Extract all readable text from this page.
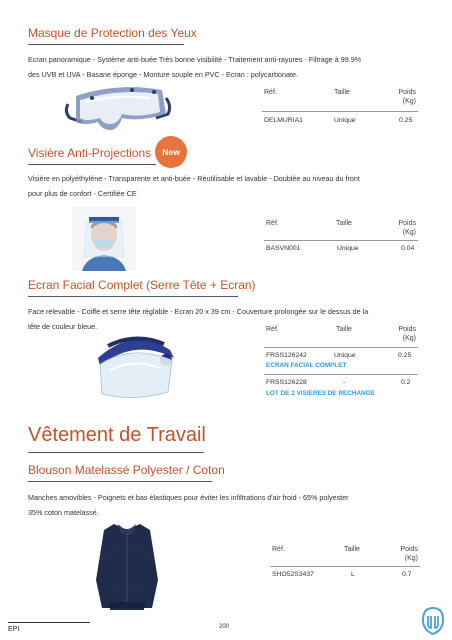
Masque de Protection des Yeux
Ecran panoramique - Système anti-buée Très bonne visibilité - Traitement anti-rayures - Filtrage à 99.9%
des UVB et UVA - Basane éponge - Monture souple en PVC - Ecran : polycarbonate.
Réf.	Taille	Poids
(Kg)
DELMURIA1	Unique	0.25
Visière Anti-Projections	New
Visière en polyéthylène - Transparente et anti-buée - Réutilisable et lavable - Doublée au niveau du front
pour plus de confort - Certifiée CE
Réf.	Taille	Poids
(Kg)
BASVN001	Unique	0.04
Ecran Facial Complet (Serre Tête + Ecran)
Face relevable - Coiffe et serre tête réglable - Ecran 20 x 39 cm - Couverture prolongée sur le dessus de la
tête de couleur bleue.	Réf.	Taille	Poids
(Kg)
FRSS126242	Unique	0.25
ECRAN FACIAL COMPLET
FRSS126228	-	0.2
LOT DE 2 VISIERES DE RECHANGE
Vêtement de Travail
Blouson Matelassé Polyester / Coton
Manches amovibles - Poignets et bas élastiques pour éviter les infiltrations d'air froid - 65% polyester
35% coton matelassé.
Réf.	Taille	Poids
(Kg)
SHO52S3437	L	0.7
EPI	200
